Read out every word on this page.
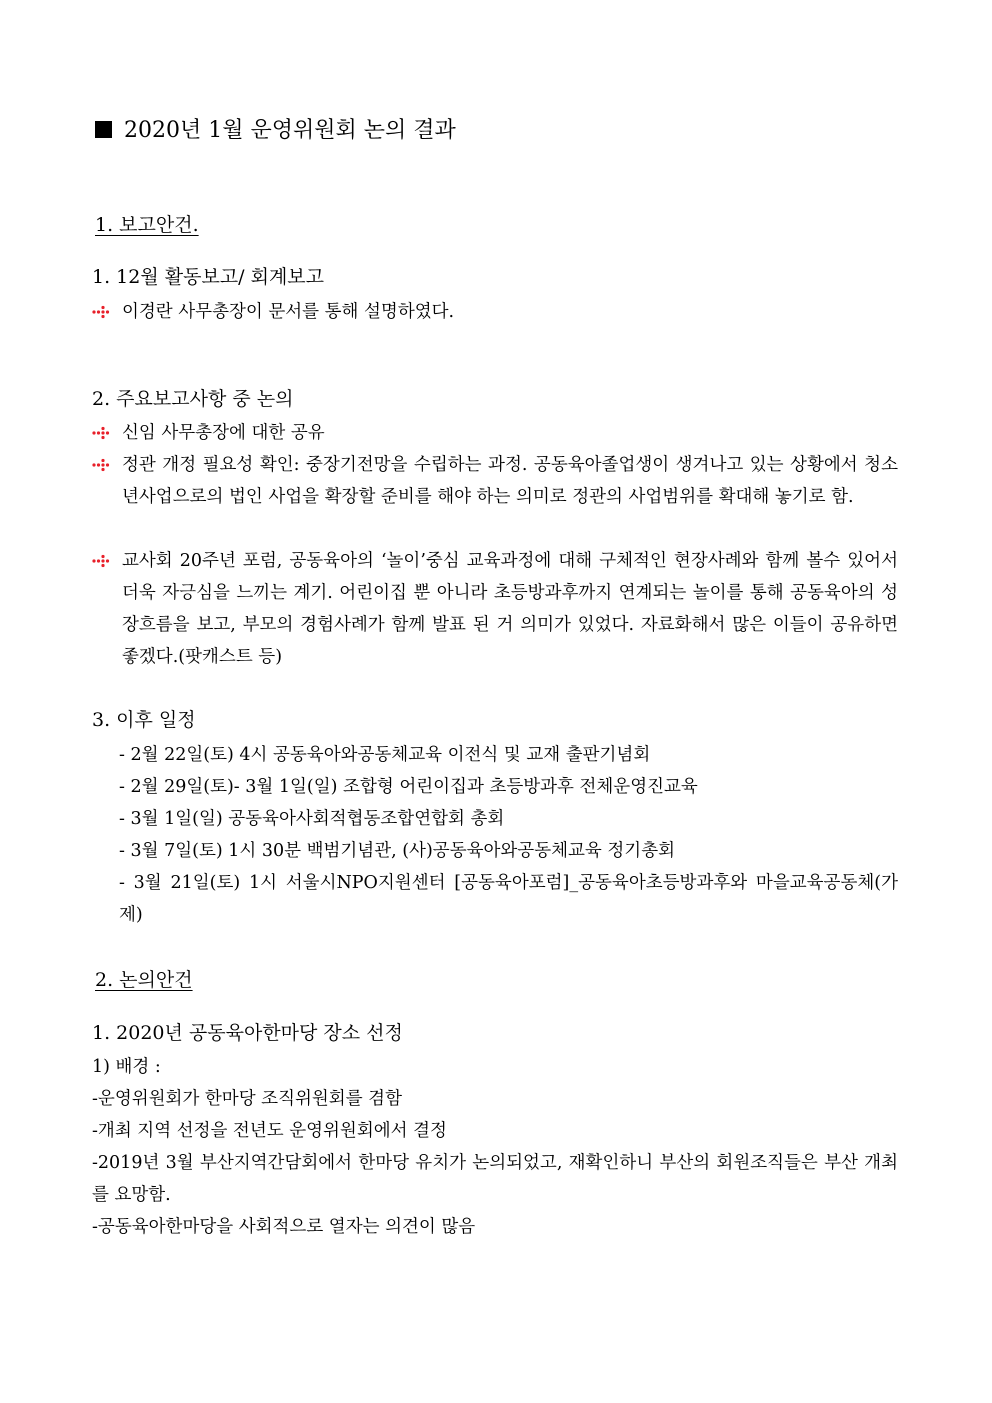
2020년 1월 운영위원회 논의 결과
1. 보고안건.
1. 12월 활동보고/ 회계보고
이경란 사무총장이 문서를 통해 설명하였다.
2. 주요보고사항 중 논의
신임 사무총장에 대한 공유
정관 개정 필요성 확인: 중장기전망을 수립하는 과정. 공동육아졸업생이 생겨나고 있는 상황에서 청소년사업으로의 법인 사업을 확장할 준비를 해야 하는 의미로 정관의 사업범위를 확대해 놓기로 함.
교사회 20주년 포럼, 공동육아의 ‘놀이’중심 교육과정에 대해 구체적인 현장사례와 함께 볼수 있어서 더욱 자긍심을 느끼는 계기. 어린이집 뿐 아니라 초등방과후까지 연계되는 놀이를 통해 공동육아의 성장흐름을 보고, 부모의 경험사례가 함께 발표 된 거 의미가 있었다. 자료화해서 많은 이들이 공유하면 좋겠다.(팟캐스트 등)
3. 이후 일정
- 2월 22일(토) 4시 공동육아와공동체교육 이전식 및 교재 출판기념회
- 2월 29일(토)- 3월 1일(일) 조합형 어린이집과 초등방과후 전체운영진교육
- 3월 1일(일) 공동육아사회적협동조합연합회 총회
- 3월 7일(토) 1시 30분 백범기념관, (사)공동육아와공동체교육 정기총회
- 3월 21일(토) 1시 서울시NPO지원센터 [공동육아포럼]_공동육아초등방과후와 마을교육공동체(가제)
2. 논의안건
1. 2020년 공동육아한마당 장소 선정
1) 배경 :
-운영위원회가 한마당 조직위원회를 겸함
-개최 지역 선정을 전년도 운영위원회에서 결정
-2019년 3월 부산지역간담회에서 한마당 유치가 논의되었고, 재확인하니 부산의 회원조직들은 부산 개최를 요망함.
-공동육아한마당을 사회적으로 열자는 의견이 많음
